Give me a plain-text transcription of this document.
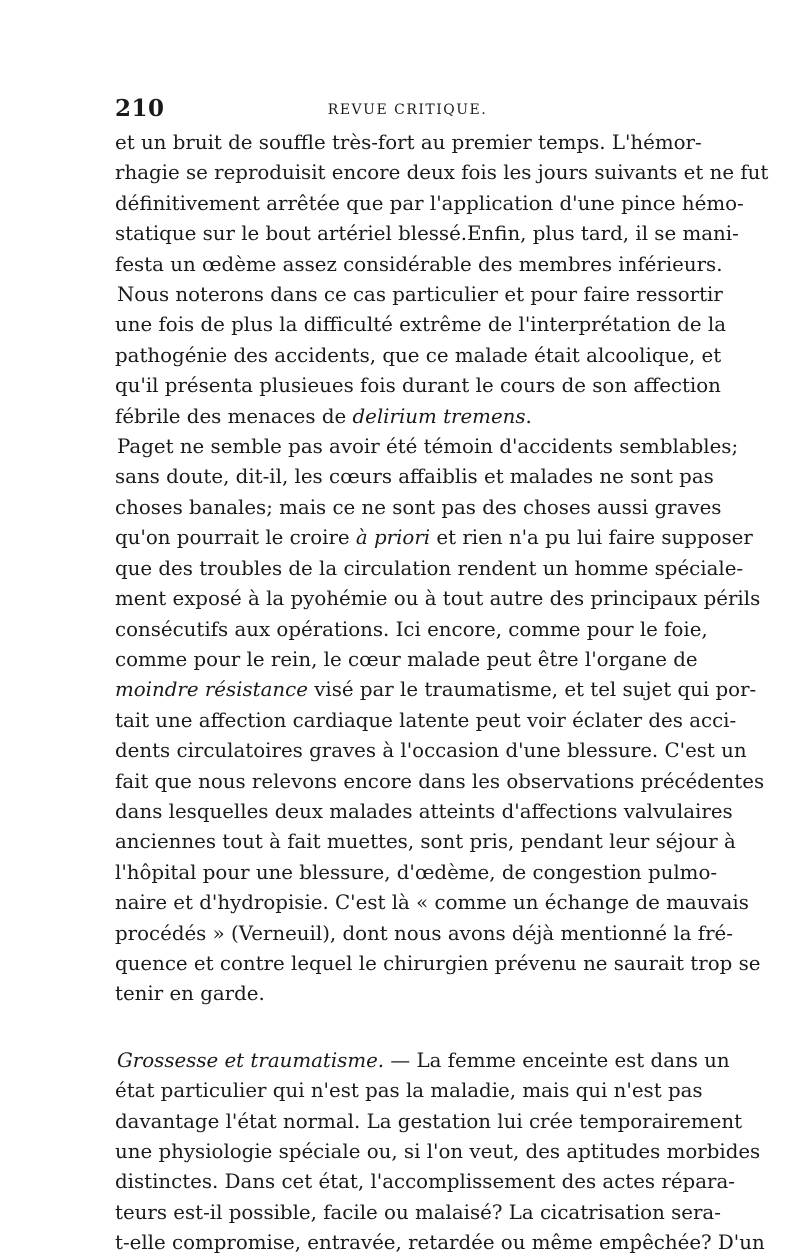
210	REVUE CRITIQUE.
et un bruit de souffle très-fort au premier temps. L'hémor-
rhagie se reproduisit encore deux fois les jours suivants et ne fut
définitivement arrêtée que par l'application d'une pince hémo-
statique sur le bout artériel blessé.Enfin, plus tard, il se mani-
festa un œdème assez considérable des membres inférieurs.
Nous noterons dans ce cas particulier et pour faire ressortir
une fois de plus la difficulté extrême de l'interprétation de la
pathogénie des accidents, que ce malade était alcoolique, et
qu'il présenta plusieues fois durant le cours de son affection
fébrile des menaces de delirium tremens.
Paget ne semble pas avoir été témoin d'accidents semblables;
sans doute, dit-il, les cœurs affaiblis et malades ne sont pas
choses banales; mais ce ne sont pas des choses aussi graves
qu'on pourrait le croire à priori et rien n'a pu lui faire supposer
que des troubles de la circulation rendent un homme spéciale-
ment exposé à la pyohémie ou à tout autre des principaux périls
consécutifs aux opérations. Ici encore, comme pour le foie,
comme pour le rein, le cœur malade peut être l'organe de
moindre résistance visé par le traumatisme, et tel sujet qui por-
tait une affection cardiaque latente peut voir éclater des acci-
dents circulatoires graves à l'occasion d'une blessure. C'est un
fait que nous relevons encore dans les observations précédentes
dans lesquelles deux malades atteints d'affections valvulaires
anciennes tout à fait muettes, sont pris, pendant leur séjour à
l'hôpital pour une blessure, d'œdème, de congestion pulmo-
naire et d'hydropisie. C'est là « comme un échange de mauvais
procédés » (Verneuil), dont nous avons déjà mentionné la fré-
quence et contre lequel le chirurgien prévenu ne saurait trop se
tenir en garde.
Grossesse et traumatisme. — La femme enceinte est dans un
état particulier qui n'est pas la maladie, mais qui n'est pas
davantage l'état normal. La gestation lui crée temporairement
une physiologie spéciale ou, si l'on veut, des aptitudes morbides
distinctes. Dans cet état, l'accomplissement des actes répara-
teurs est-il possible, facile ou malaisé? La cicatrisation sera-
t-elle compromise, entravée, retardée ou même empêchée? D'un
